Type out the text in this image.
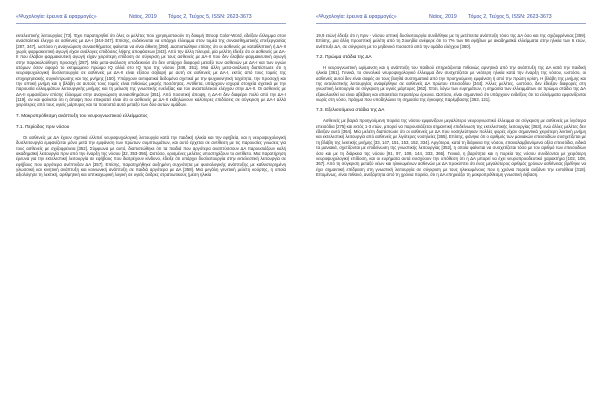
«Ψυχολογία: έρευνα & εφαρμογές»	Ναϊος, 2019 Τόμος 2, Τεύχος 5, ISSN: 2623-3673

εκτελεστικής λειτουργίας [73]. Έχει παρατηρηθεί ότι όλες οι μελέτες που χρησιμοποιούν τη δοκιμή Stroop Color-Word, εδείξαν έλλειμμα στον ανασταλτικό έλεγχο σε ασθενείς με ΔΑ-Ι [344-347]. Επίσης, ενδείκνυται να υπάρχει έλλειμμα στον τομέα της συναισθηματικής επεξεργασίας [287, 347], ωστόσο η αναγνώριση συναισθήματος φαίνεται να είναι άθικτη [250]. Διαπιστώθηκε επίσης ότι οι ασθενείς με καταθλιπτική ή ΔΑ-ΙΙ χωρίς φαρμακευτική αγωγή είχαν ανάλογες επιδόσεις λήψης αποφάσεων [343]. Από την άλλη πλευρά, μία μελέτη έδειξε ότι οι ασθενείς με ΔΑ-ΙΙ που έλαβαν φαρμακευτική αγωγή είχαν χειρότερη επίδοση σε σύγκριση με τους ασθενείς με ΔΑ-ΙΙ που δεν έλαβαν φαρμακευτική αγωγή στην παρακολούθηση προσοχή [287]. Μία μετα-ανάλυση υποδεικνύει ότι δεν υπάρχει διαφορά μεταξύ των ασθενών με ΔΑ-Ι και των υγιών ατόμων όσον αφορά το εκτιμώμενο πρώιμο IQ αλλά στο IQ προ της νόσου [348, 351]. Μια άλλη μετα-ανάλυση διαπίστωσε ότι η νευροψυχολογική δυσλειτουργία σε ασθενείς με ΔΑ-ΙΙ είναι εξίσου σοβαρή με αυτή σε ασθενείς με ΔΑ-Ι, εκτός από τους τομείς της επιχειρησιακής συγκέντρωσης και της μνήμης [150]. Υπάρχουν αντιφατικά δεδομένα σχετικά με την ψυχοκινητική ταχύτητα, την προσοχή και την οπτική μνήμη και η βλάβη σε αυτούς τους τομείς είναι πιθανώς μικρής ποσότητας. Αντίθετα, υπάρχουν ισχυρά στοιχεία σχετικά με την παρουσία ελλειμμάτων λειτουργικής μνήμης και τη μείωση της γνωστικής ευελιξίας και του ανασταλτικού ελέγχου στην ΔΑ-ΙΙ. Οι ασθενείς με ΔΑ-ΙΙ εμφανίζουν επίσης έλλειμμα στην αναγνώριση συναισθημάτων [351]. Από ποσοτική άποψη, η ΔΑ-ΙΙ δεν διαφέρει πολύ από την ΔΑ-Ι [119], αν και φαίνεται ότι η άποψη που επικρατεί είναι ότι οι ασθενείς με ΔΑ-ΙΙ εκδηλώνουν καλύτερες επιδόσεις σε σύγκριση με ΔΑ-Ι αλλά χειρότερες από τους υγιείς μάρτυρες και τα ποσοστά αυτά μεταξύ των δύο αυτών ομάδων.

7. Μακροπρόθεσμη ανάπτυξη του νευρογνωστικού ελλείμματος
7.1. Περίοδος πριν νόσου

Οι ασθενείς με ΔΑ έχουν σχετικά ελλιπεί νευροψυχολογική λειτουργία κατά την παιδική ηλικία και την εφηβεία, και η νευροψυχολογική δυσλειτουργία εμφανίζεται μόνο μετά την εμφάνιση των πρώτων συμπτωμάτων, και αυτό έρχεται σε αντίθεση με τις παρουσίες γνώσεις για τους ασθενείς με σχιζοφρένεια [352]. Σύμφωνα με αυτό, διαπιστώθηκε ότι τα παιδιά που αργότερα αναπτύσσουν ΔΑ παρουσιάζουν καλή ακαδημαϊκή λειτουργία πριν από την έναρξη της νόσου [32, 353-356]. Ωστόσο, ορισμένες μελέτες υποστηρίζουν το αντίθετο. Μια παρατήρηση έρευνα για την εκτελεστική λειτουργία σε εφήβους που διατρέχουν κίνδυνο, έδειξε ότι υπάρχει δυσλειτουργία στην εκτελεστική λειτουργία σε εφήβους που αργότερα ανέπτυξαν ΔΑ [357]. Επίσης, παρατηρήθηκε αυξημένη συχνότητα με φυσιολογικής ανάπτυξης με καθυστερημένη γλωσσική και κινητική ανάπτυξη και κοινωνική ανάπτυξη σε παιδιά αργότερα με ΔΑ [358]. Μια μεγάλη γενετική μελέτη κοόρτης, η οποία αξιολόγησε τη λεκτική, αριθμητική και οπτικοχωρική λογική σε υγιείς άνδρες στρατιωτικούς (μέση ηλικία

«Ψυχολογία: έρευνα & εφαρμογές»	Ναϊος, 2019 Τόμος 2, Τεύχος 5, ISSN: 2623-3673

19,9 ετών) έδειξε ότι η πριν - νόσου οπτική δυσλειτουργία συνδέθηκε με τη μετέπειτα ανάπτυξη τόσο της ΔΑ όσο και της σχιζοφρένειας [359]. Επίσης, μια άλλη προοπτική μελέτη από τη Σουηδία ανέφερε ότι το 7% των 56 εφήβων με ακαδημαϊκά ελλείμματα στην ηλικία των 6 ετών, ανέπτυξε ΔΑ, σε σύγκριση με το μηδενικό ποσοστό από την ομάδα ελέγχου [360].

7.2. Πρώιμα στάδια της ΔΑ

Η νευρογνωστική ωρίμανση και η ανάπτυξη του παιδιού επηρεάζονται πιθανώς αρνητικά από την ανάπτυξη της ΔΑ κατά την παιδική ηλικία [361]. Γενικά, το συνολικό νευροψυχολογικό έλλειμμα δεν συσχετίζεται με νεότερη ηλικία κατά την έναρξη της νόσου, ωστόσο, οι ασθενείς αυτοί δεν είναι σαφές αν τους βοηθά συστηματικά από την προηγούμενη εμφάνιση ή από την πρώτη κρίση. Η βλάβη της μνήμης και της εκτελεστικής λειτουργίας αναφέρθηκε σε ασθενείς ΔΑ πρώτου επεισοδίου [344]. Άλλες μελέτες, ωστόσο, δεν έδειξαν διαφορές στη γνωστική λειτουργία σε σύγκριση με υγιείς μάρτυρες [362]. Έτσι, λόγω των ευρημάτων, η σημασία των ελλειμμάτων σε πρώιμο στάδιο της ΔΑ εξακολουθεί να είναι αβέβαιη και απαιτείται περαιτέρω έρευνα. Ωστόσο, είναι σημαντικό ότι υπάρχουν ενδείξεις ότι τα ελλείμματα εμφανίζονται νωρίς στη νόσο, πράγμα που υποδηλώνει τη σημασία της έγκαιρης παρέμβασης [363, 121].

7.3. Εξελισσόμενα στάδια της ΔΑ

Ασθενείς με βαριά προηγούμενη πορεία της νόσου εμφανίζουν μεγαλύτερο νευρογνωστικό έλλειμμα σε σύγκριση με ασθενείς με λιγότερα επεισόδια [275] και εκτός 1-3 ετών, μπορεί να παρουσιάζεται σημαντική επιδείνωση της εκτελεστικής λειτουργίας [363], ενώ άλλες μελέτες δεν έδειξαν αυτό [364]. Μία μελέτη διαπίστωσε ότι οι ασθενείς με ΔΑ που νοσηλεύτηκαν πολλές φορές είχαν σημαντικά χειρότερη λεκτική μνήμη και εκτελεστική λειτουργία από ασθενείς με λιγότερες νοσηλείες [365]. Επίσης, φάνηκε ότι ο αριθμός των μανιακών επεισοδίων συσχετίζεται με τη βλάβη της λεκτικής μνήμης [33, 147, 151, 153, 152, 334]. Αργότερα, κατά τη διάρκεια της νόσου, επαναλαμβανόμενα οξέα επεισόδια, ειδικά τα μανιακά, σχετίζονται με επιδείνωση της γνωστικής λειτουργίας [352], η οποία φαίνεται να συσχετίζεται τόσο με τον αριθμό των επεισοδίων όσο και με τη διάρκεια της νόσου [91, 97, 108, 144, 333, 366]. Γενικά, η βαρύτητα και η πορεία της νόσου συνδέονται με χειρότερη νευροψυχολογική επίδοση, και οι ευρήματα αυτά ενισχύουν την υπόθεση ότι η ΔΑ μπορεί να έχει νευροπροοδευτικό χαρακτήρα [102, 108, 367]. Από τη σύγκριση μεταξύ νέων και ηλικιωμένων ασθενών με ΔΑ προκύπτει ότι ένας μεγαλύτερος αριθμός χρόνων ασθένειας βρέθηκε να έχει σημαντική επίδραση στη γνωστική λειτουργία σε σύγκριση με τους ηλικιωμένους που η χρόνια πορεία αυξάνει την ευπάθεια [318]. Επομένως, είναι πιθανό, ανεξάρτητα από τη χρόνια πορεία, ότι η ΔΑ επηρεάζει τη μακροπρόθεσμη γνωστική έκβαση.
